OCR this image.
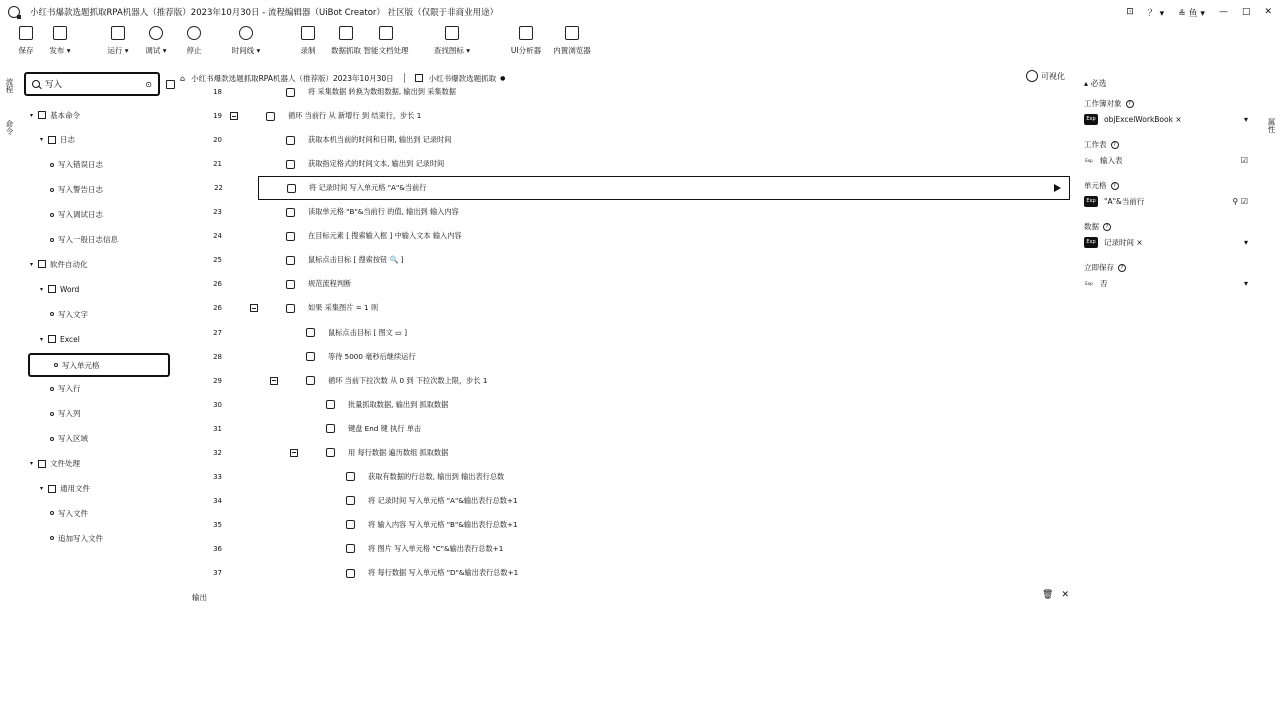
小红书爆款选题抓取RPA机器人（推荐版）2023年10月30日 - 流程编辑器（UiBot Creator） 社区版（仅限于非商业用途）	⊡ ？ ▾ ≗ 鱼 ▾ — □ ✕
保存 发布 ▾	运行 ▾ 调试 ▾	停止	时间线 ▾	录制 数据抓取 智能文档处理	查找图标 ▾	UI分析器 内置浏览器
流程
命令
写入
⊙
▾	基本命令
▾	日志
写入错误日志
写入警告日志
写入调试日志
写入一般日志信息
▾	软件自动化
▾	Word
写入文字
▾	Excel
写入单元格
写入行
写入列
写入区域
▾	文件处理
▾	通用文件
写入文件
追加写入文件
⌂ 小红书爆款选题抓取RPA机器人（推荐版）2023年10月30日	小红书爆款选题抓取 ●	可视化
18	将 采集数据 转换为数组数据, 输出到 采集数据
19	循环 当前行 从 新增行 到 结束行，步长 1
20	获取本机当前的时间和日期, 输出到 记录时间
21	获取指定格式的时间文本, 输出到 记录时间
22	将 记录时间 写入单元格 "A"&当前行
23	读取单元格 "B"&当前行 的值, 输出到 输入内容
24	在目标元素 [ 搜索输入框 ] 中输入文本 输入内容
25	鼠标点击目标 [ 搜索按钮 🔍 ]
26	规范流程判断
26	如果 采集图片 = 1 则
27	鼠标点击目标 [ 图文 ▭ ]
28	等待 5000 毫秒后继续运行
29	循环 当前下拉次数 从 0 到 下拉次数上限，步长 1
30	批量抓取数据, 输出到 抓取数据
31	键盘 End 键 执行 单击
32	用 每行数据 遍历数组 抓取数据
33	获取有数据的行总数, 输出到 输出表行总数
34	将 记录时间 写入单元格 "A"&输出表行总数+1
35	将 输入内容 写入单元格 "B"&输出表行总数+1
36	将 图片 写入单元格 "C"&输出表行总数+1
37	将 每行数据 写入单元格 "D"&输出表行总数+1
输出	🗑 ✕
▴ 必选
工作簿对象	?
Exp	objExcelWorkBook ×	▾
工作表	?
Exp 输入表	☑
单元格	?
Exp	"A"&当前行	⚲ ☑
数据	?
Exp	记录时间 ×	▾
立即保存	?
Exp 否	▾
属性
